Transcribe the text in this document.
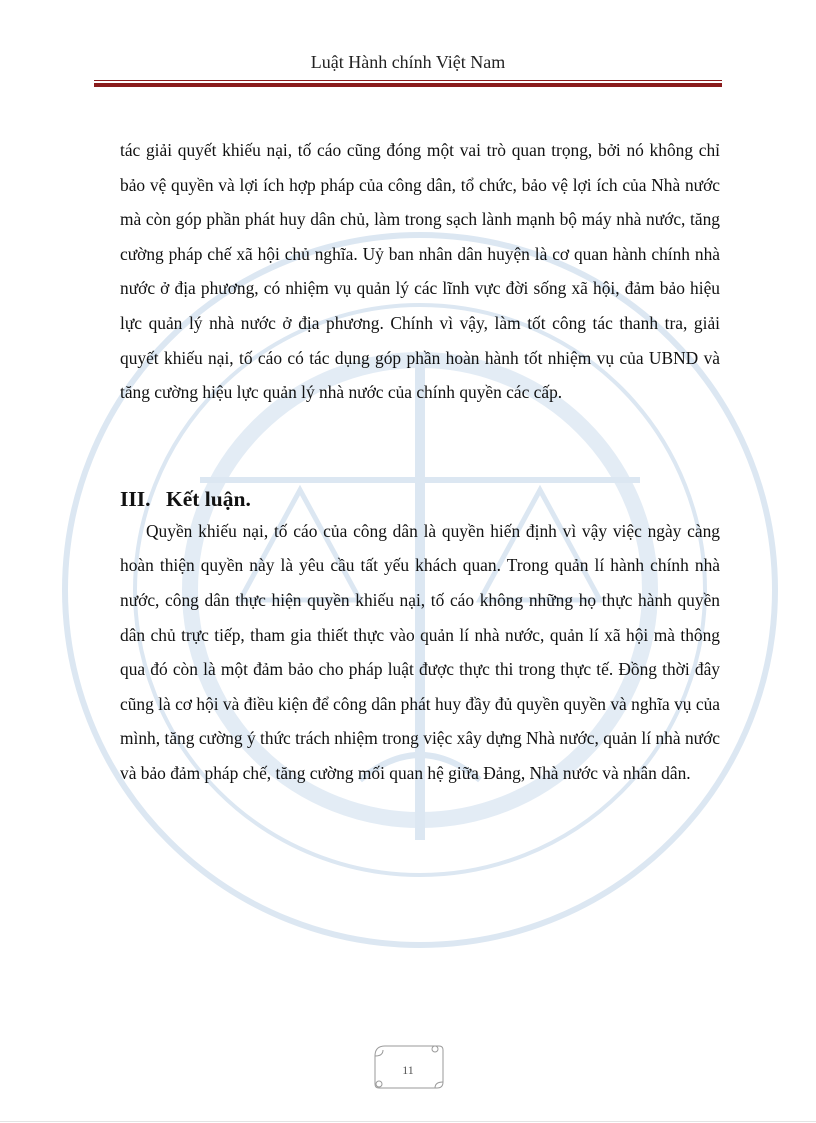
Luật Hành chính Việt Nam

tác giải quyết khiếu nại, tố cáo cũng đóng một vai trò quan trọng, bởi nó không chỉ bảo vệ quyền và lợi ích hợp pháp của công dân, tổ chức, bảo vệ lợi ích của Nhà nước mà còn góp phần phát huy dân chủ, làm trong sạch lành mạnh bộ máy nhà nước, tăng cường pháp chế xã hội chủ nghĩa. Uỷ ban nhân dân huyện là cơ quan hành chính nhà nước ở địa phương, có nhiệm vụ quản lý các lĩnh vực đời sống xã hội, đảm bảo hiệu lực quản lý nhà nước ở địa phương. Chính vì vậy, làm tốt công tác thanh tra, giải quyết khiếu nại, tố cáo có tác dụng góp phần hoàn hành tốt nhiệm vụ của UBND và tăng cường hiệu lực quản lý nhà nước của chính quyền các cấp.

III. Kết luận.

Quyền khiếu nại, tố cáo của công dân là quyền hiến định vì vậy việc ngày càng hoàn thiện quyền này là yêu cầu tất yếu khách quan. Trong quản lí hành chính nhà nước, công dân thực hiện quyền khiếu nại, tố cáo không những họ thực hành quyền dân chủ trực tiếp, tham gia thiết thực vào quản lí nhà nước, quản lí xã hội mà thông qua đó còn là một đảm bảo cho pháp luật được thực thi trong thực tế. Đồng thời đây cũng là cơ hội và điều kiện để công dân phát huy đầy đủ quyền quyền và nghĩa vụ của mình, tăng cường ý thức trách nhiệm trong việc xây dựng Nhà nước, quản lí nhà nước và bảo đảm pháp chế, tăng cường mối quan hệ giữa Đảng, Nhà nước và nhân dân.

11
